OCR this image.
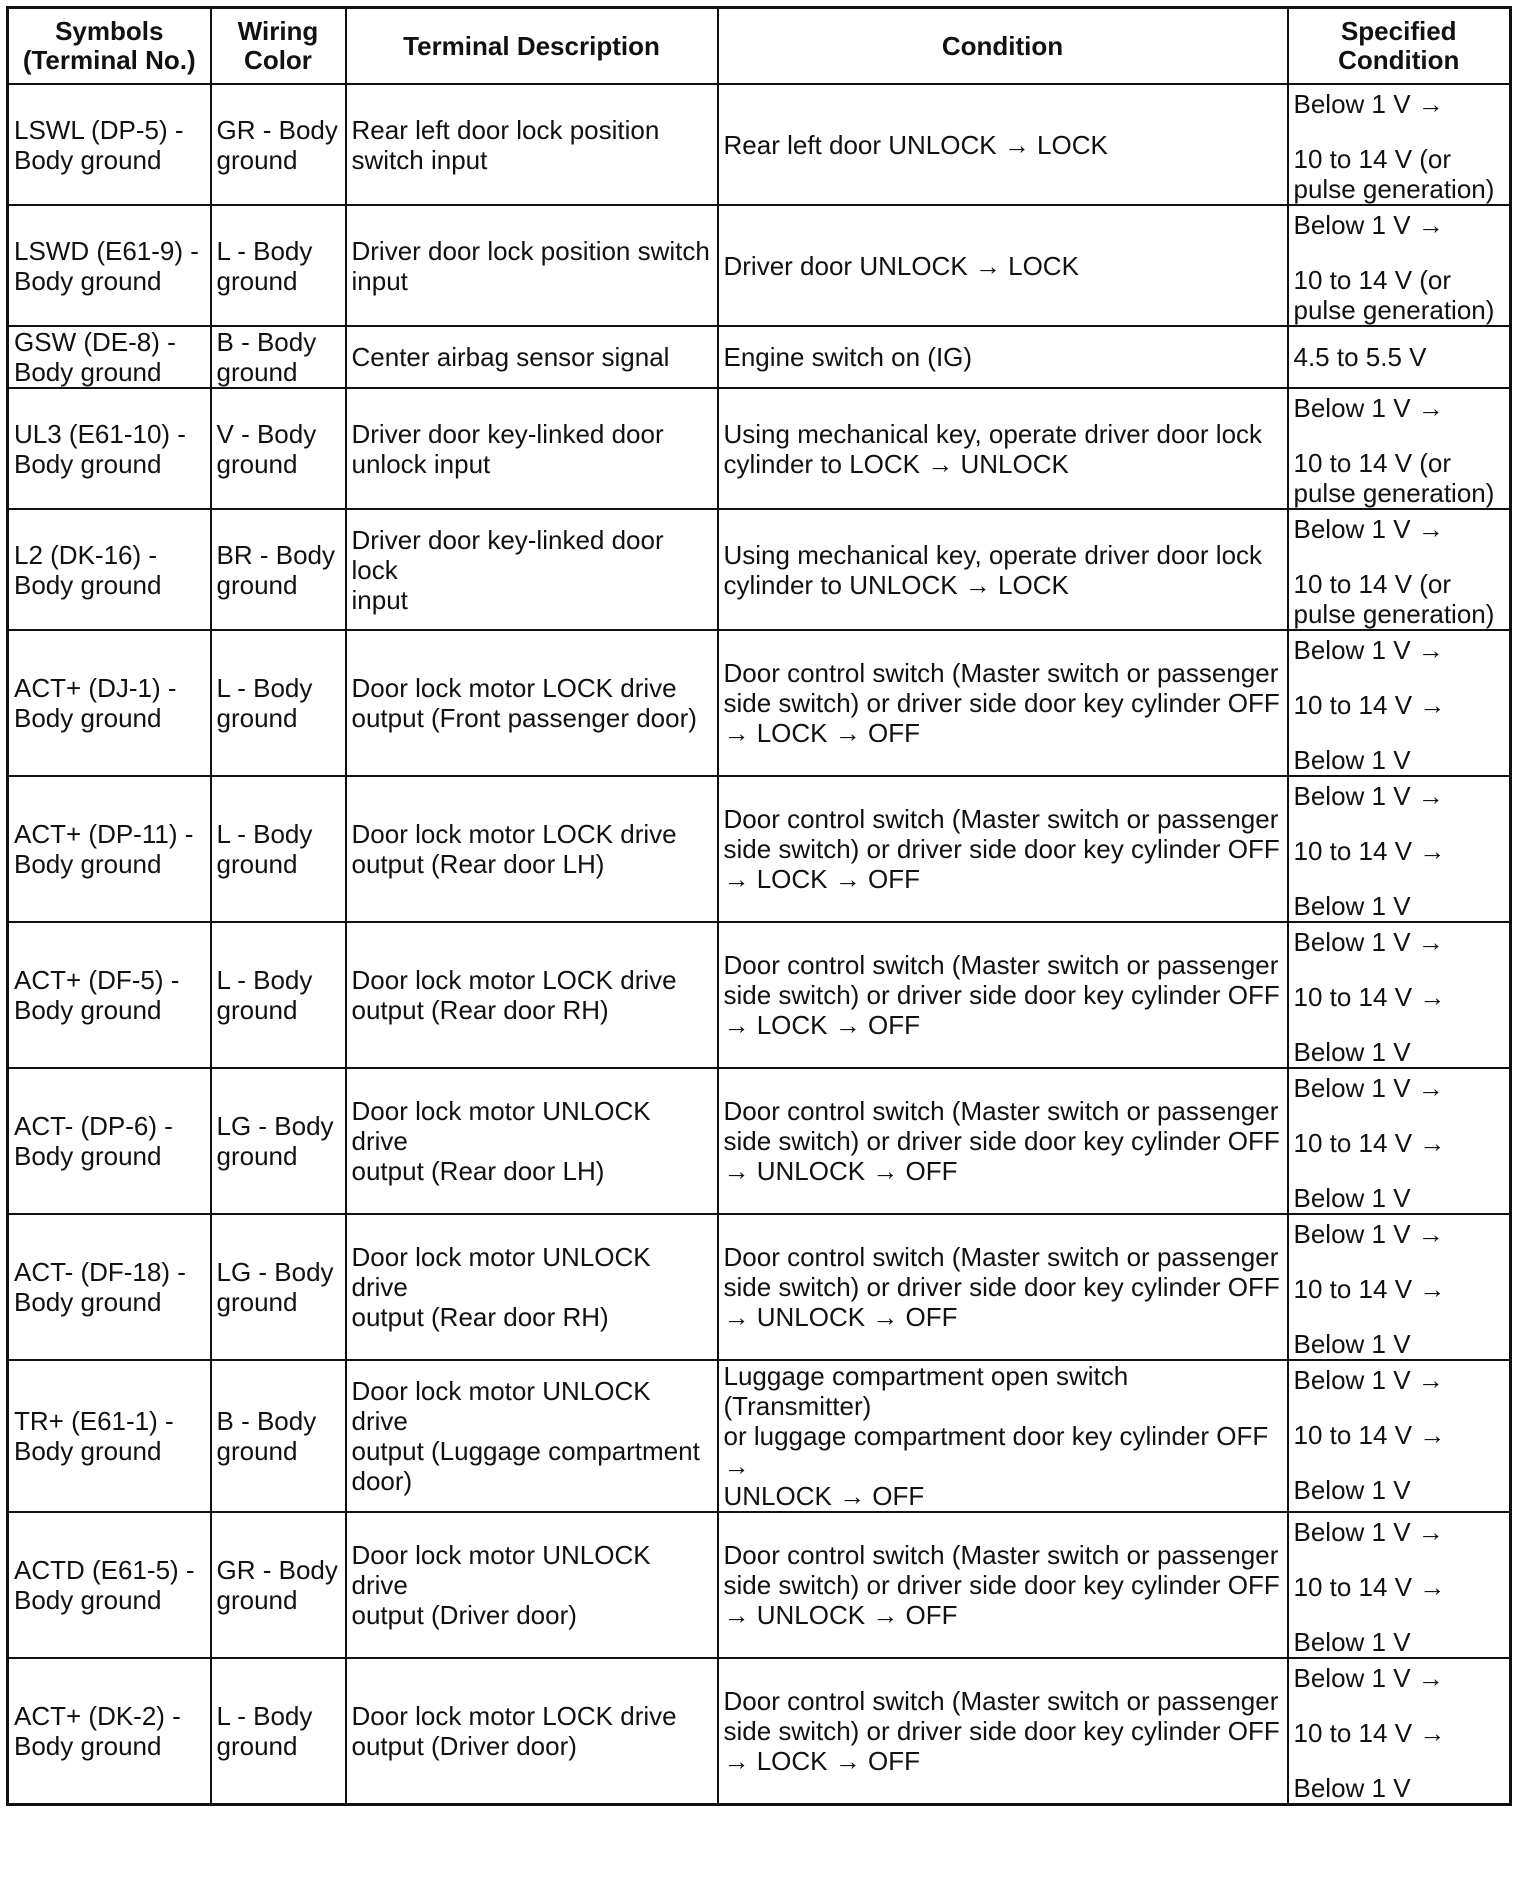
Symbols
(Terminal No.)	Wiring
Color	Terminal Description	Condition	Specified
Condition
LSWL (DP-5) -
Body ground	GR - Body
ground	Rear left door lock position
switch input	Rear left door UNLOCK → LOCK	Below 1 V →
10 to 14 V (or
pulse generation)

LSWD (E61-9) -
Body ground	L - Body
ground	Driver door lock position switch
input	Driver door UNLOCK → LOCK	Below 1 V →
10 to 14 V (or
pulse generation)

GSW (DE-8) -
Body ground	B - Body
ground	Center airbag sensor signal	Engine switch on (IG)	4.5 to 5.5 V

UL3 (E61-10) -
Body ground	V - Body
ground	Driver door key-linked door
unlock input	Using mechanical key, operate driver door lock
cylinder to LOCK → UNLOCK	Below 1 V →
10 to 14 V (or
pulse generation)

L2 (DK-16) -
Body ground	BR - Body
ground	Driver door key-linked door lock
input	Using mechanical key, operate driver door lock
cylinder to UNLOCK → LOCK	Below 1 V →
10 to 14 V (or
pulse generation)

ACT+ (DJ-1) -
Body ground	L - Body
ground	Door lock motor LOCK drive
output (Front passenger door)	Door control switch (Master switch or passenger
side switch) or driver side door key cylinder OFF
→ LOCK → OFF	Below 1 V →
10 to 14 V →
Below 1 V

ACT+ (DP-11) -
Body ground	L - Body
ground	Door lock motor LOCK drive
output (Rear door LH)	Door control switch (Master switch or passenger
side switch) or driver side door key cylinder OFF
→ LOCK → OFF	Below 1 V →
10 to 14 V →
Below 1 V

ACT+ (DF-5) -
Body ground	L - Body
ground	Door lock motor LOCK drive
output (Rear door RH)	Door control switch (Master switch or passenger
side switch) or driver side door key cylinder OFF
→ LOCK → OFF	Below 1 V →
10 to 14 V →
Below 1 V

ACT- (DP-6) -
Body ground	LG - Body
ground	Door lock motor UNLOCK drive
output (Rear door LH)	Door control switch (Master switch or passenger
side switch) or driver side door key cylinder OFF
→ UNLOCK → OFF	Below 1 V →
10 to 14 V →
Below 1 V

ACT- (DF-18) -
Body ground	LG - Body
ground	Door lock motor UNLOCK drive
output (Rear door RH)	Door control switch (Master switch or passenger
side switch) or driver side door key cylinder OFF
→ UNLOCK → OFF	Below 1 V →
10 to 14 V →
Below 1 V

TR+ (E61-1) -
Body ground	B - Body
ground	Door lock motor UNLOCK drive
output (Luggage compartment
door)	Luggage compartment open switch (Transmitter)
or luggage compartment door key cylinder OFF →
UNLOCK → OFF	Below 1 V →
10 to 14 V →
Below 1 V

ACTD (E61-5) -
Body ground	GR - Body
ground	Door lock motor UNLOCK drive
output (Driver door)	Door control switch (Master switch or passenger
side switch) or driver side door key cylinder OFF
→ UNLOCK → OFF	Below 1 V →
10 to 14 V →
Below 1 V

ACT+ (DK-2) -
Body ground	L - Body
ground	Door lock motor LOCK drive
output (Driver door)	Door control switch (Master switch or passenger
side switch) or driver side door key cylinder OFF
→ LOCK → OFF	Below 1 V →
10 to 14 V →
Below 1 V
